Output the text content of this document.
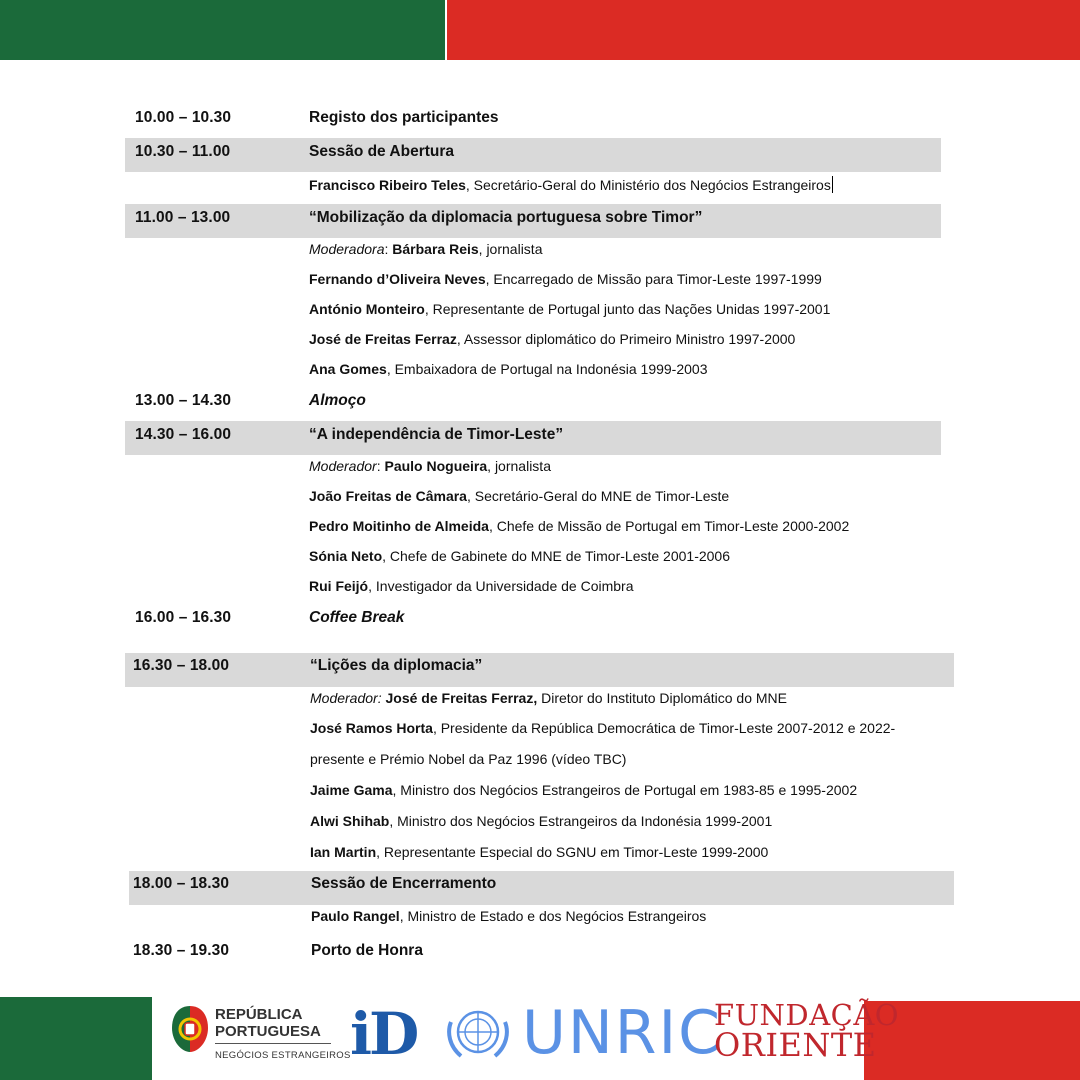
10.00 – 10.30	Registo dos participantes
10.30 – 11.00	Sessão de Abertura
Francisco Ribeiro Teles, Secretário-Geral do Ministério dos Negócios Estrangeiros
11.00 – 13.00	“Mobilização da diplomacia portuguesa sobre Timor”
Moderadora: Bárbara Reis, jornalista
Fernando d’Oliveira Neves, Encarregado de Missão para Timor-Leste 1997-1999
António Monteiro, Representante de Portugal junto das Nações Unidas 1997-2001
José de Freitas Ferraz, Assessor diplomático do Primeiro Ministro 1997-2000
Ana Gomes, Embaixadora de Portugal na Indonésia 1999-2003
13.00 – 14.30	Almoço
14.30 – 16.00	“A independência de Timor-Leste”
Moderador: Paulo Nogueira, jornalista
João Freitas de Câmara, Secretário-Geral do MNE de Timor-Leste
Pedro Moitinho de Almeida, Chefe de Missão de Portugal em Timor-Leste 2000-2002
Sónia Neto, Chefe de Gabinete do MNE de Timor-Leste 2001-2006
Rui Feijó, Investigador da Universidade de Coimbra
16.00 – 16.30	Coffee Break
16.30 – 18.00	“Lições da diplomacia”
Moderador: José de Freitas Ferraz, Diretor do Instituto Diplomático do MNE
José Ramos Horta, Presidente da República Democrática de Timor-Leste 2007-2012 e 2022-
presente e Prémio Nobel da Paz 1996 (vídeo TBC)
Jaime Gama, Ministro dos Negócios Estrangeiros de Portugal em 1983-85 e 1995-2002
Alwi Shihab, Ministro dos Negócios Estrangeiros da Indonésia 1999-2001
Ian Martin, Representante Especial do SGNU em Timor-Leste 1999-2000
18.00 – 18.30	Sessão de Encerramento
Paulo Rangel, Ministro de Estado e dos Negócios Estrangeiros
18.30 – 19.30	Porto de Honra
REPÚBLICA
PORTUGUESA
NEGÓCIOS ESTRANGEIROS iD UNRIC
FUNDAÇÃO
ORIENTE
